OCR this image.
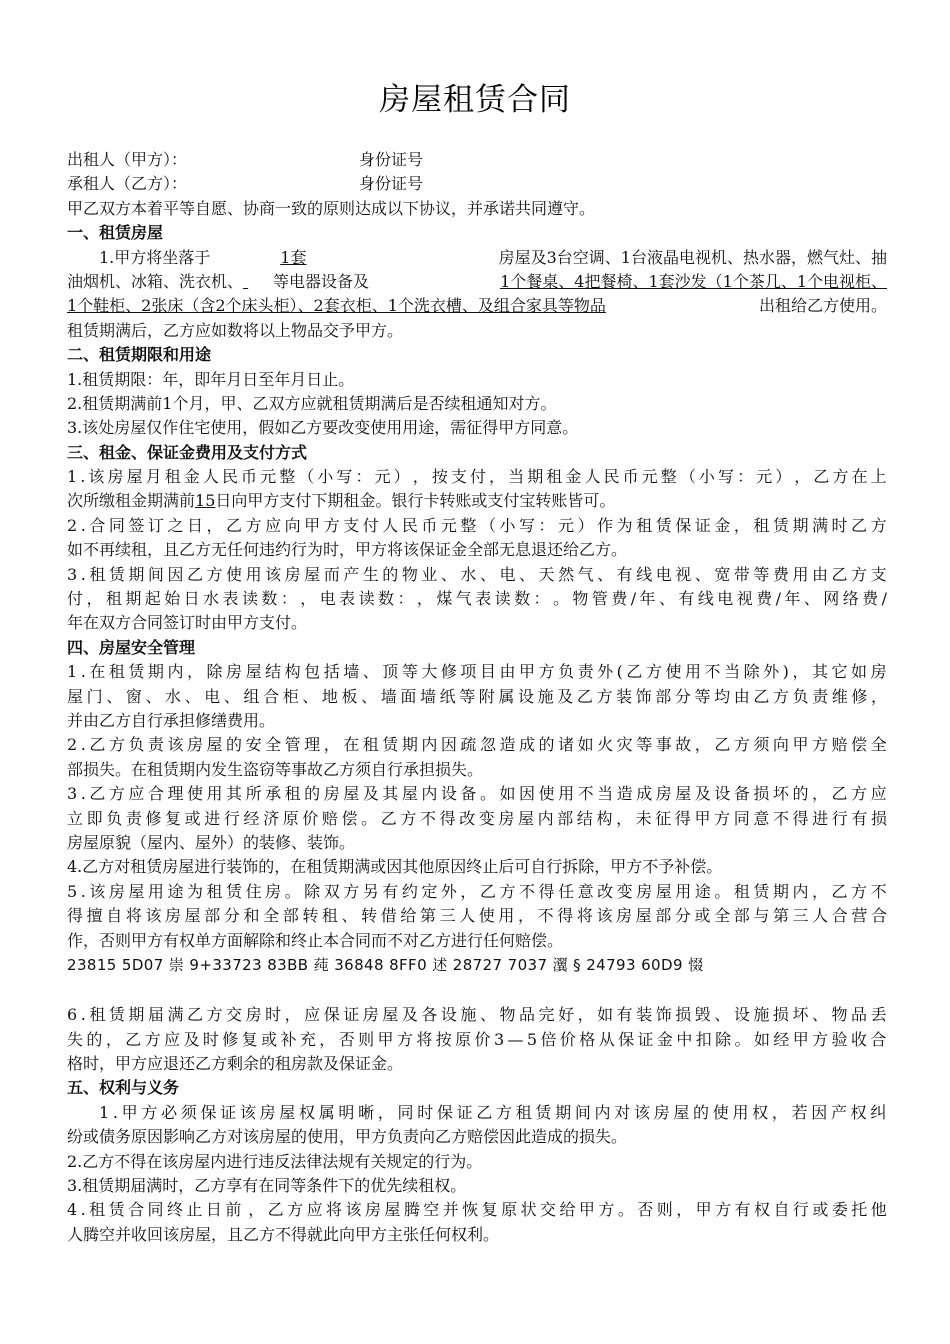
房屋租赁合同
出租人（甲方）：	身份证号
承租人（乙方）：	身份证号
甲乙双方本着平等自愿、协商一致的原则达成以下协议，并承诺共同遵守。
一、租赁房屋
1.甲方将坐落于	1套	房屋及3台空调、1台液晶电视机、热水器，燃气灶、抽
油烟机、冰箱、洗衣机、 等电器设备及	1个餐桌、4把餐椅、1套沙发（1个茶几、1个电视柜、
1个鞋柜、2张床（含2个床头柜）、2套衣柜、1个洗衣槽、及组合家具等物品	出租给乙方使用。
租赁期满后，乙方应如数将以上物品交予甲方。
二、租赁期限和用途
1.租赁期限：年，即年月日至年月日止。
2.租赁期满前1个月，甲、乙双方应就租赁期满后是否续租通知对方。
3.该处房屋仅作住宅使用，假如乙方要改变使用用途，需征得甲方同意。
三、租金、保证金费用及支付方式
1 . 该 房 屋 月 租 金 人 民 币 元 整 （ 小 写 ： 元 ） ， 按 支 付 ， 当 期 租 金 人 民 币 元 整 （ 小 写 ： 元 ） ， 乙 方 在 上
次所缴租金期满前15日向甲方支付下期租金。银行卡转账或支付宝转账皆可。
2 . 合 同 签 订 之 日 ， 乙 方 应 向 甲 方 支 付 人 民 币 元 整 （ 小 写 ： 元 ） 作 为 租 赁 保 证 金 ， 租 赁 期 满 时 乙 方
如不再续租，且乙方无任何违约行为时，甲方将该保证金全部无息退还给乙方。
3 . 租 赁 期 间 因 乙 方 使 用 该 房 屋 而 产 生 的 物 业 、 水 、 电 、 天 然 气 、 有 线 电 视 、 宽 带 等 费 用 由 乙 方 支
付 ， 租 期 起 始 日 水 表 读 数 ： ， 电 表 读 数 ： ， 煤 气 表 读 数 ： 。 物 管 费 / 年 、 有 线 电 视 费 / 年 、 网 络 费 /
年在双方合同签订时由甲方支付。
四、房屋安全管理
1 . 在 租 赁 期 内 ， 除 房 屋 结 构 包 括 墙 、 顶 等 大 修 项 目 由 甲 方 负 责 外 ( 乙 方 使 用 不 当 除 外 ) ， 其 它 如 房
屋 门 、 窗 、 水 、 电 、 组 合 柜 、 地 板 、 墙 面 墙 纸 等 附 属 设 施 及 乙 方 装 饰 部 分 等 均 由 乙 方 负 责 维 修 ，
并由乙方自行承担修缮费用。
2 . 乙 方 负 责 该 房 屋 的 安 全 管 理 ， 在 租 赁 期 内 因 疏 忽 造 成 的 诸 如 火 灾 等 事 故 ， 乙 方 须 向 甲 方 赔 偿 全
部损失。在租赁期内发生盗窃等事故乙方须自行承担损失。
3 . 乙 方 应 合 理 使 用 其 所 承 租 的 房 屋 及 其 屋 内 设 备 。 如 因 使 用 不 当 造 成 房 屋 及 设 备 损 坏 的 ， 乙 方 应
立 即 负 责 修 复 或 进 行 经 济 原 价 赔 偿 。 乙 方 不 得 改 变 房 屋 内 部 结 构 ， 未 征 得 甲 方 同 意 不 得 进 行 有 损
房屋原貌（屋内、屋外）的装修、装饰。
4.乙方对租赁房屋进行装饰的，在租赁期满或因其他原因终止后可自行拆除，甲方不予补偿。
5 . 该 房 屋 用 途 为 租 赁 住 房 。 除 双 方 另 有 约 定 外 ， 乙 方 不 得 任 意 改 变 房 屋 用 途 。 租 赁 期 内 ， 乙 方 不
得 擅 自 将 该 房 屋 部 分 和 全 部 转 租 、 转 借 给 第 三 人 使 用 ， 不 得 将 该 房 屋 部 分 或 全 部 与 第 三 人 合 营 合
作，否则甲方有权单方面解除和终止本合同而不对乙方进行任何赔偿。
23815 5D07 崇 9+33723 83BB 莼 36848 8FF0 述 28727 7037 瀷 § 24793 60D9 惙
6 . 租 赁 期 届 满 乙 方 交 房 时 ， 应 保 证 房 屋 及 各 设 施 、 物 品 完 好 ， 如 有 装 饰 损 毁 、 设 施 损 坏 、 物 品 丢
失 的 ， 乙 方 应 及 时 修 复 或 补 充 ， 否 则 甲 方 将 按 原 价 3 — 5 倍 价 格 从 保 证 金 中 扣 除 。 如 经 甲 方 验 收 合
格时，甲方应退还乙方剩余的租房款及保证金。
五、权利与义务
1 . 甲 方 必 须 保 证 该 房 屋 权 属 明 晰 ， 同 时 保 证 乙 方 租 赁 期 间 内 对 该 房 屋 的 使 用 权 ， 若 因 产 权 纠
纷或债务原因影响乙方对该房屋的使用，甲方负责向乙方赔偿因此造成的损失。
2.乙方不得在该房屋内进行违反法律法规有关规定的行为。
3.租赁期届满时，乙方享有在同等条件下的优先续租权。
4 . 租 赁 合 同 终 止 日 前 ， 乙 方 应 将 该 房 屋 腾 空 并 恢 复 原 状 交 给 甲 方 。 否 则 ， 甲 方 有 权 自 行 或 委 托 他
人腾空并收回该房屋，且乙方不得就此向甲方主张任何权利。
